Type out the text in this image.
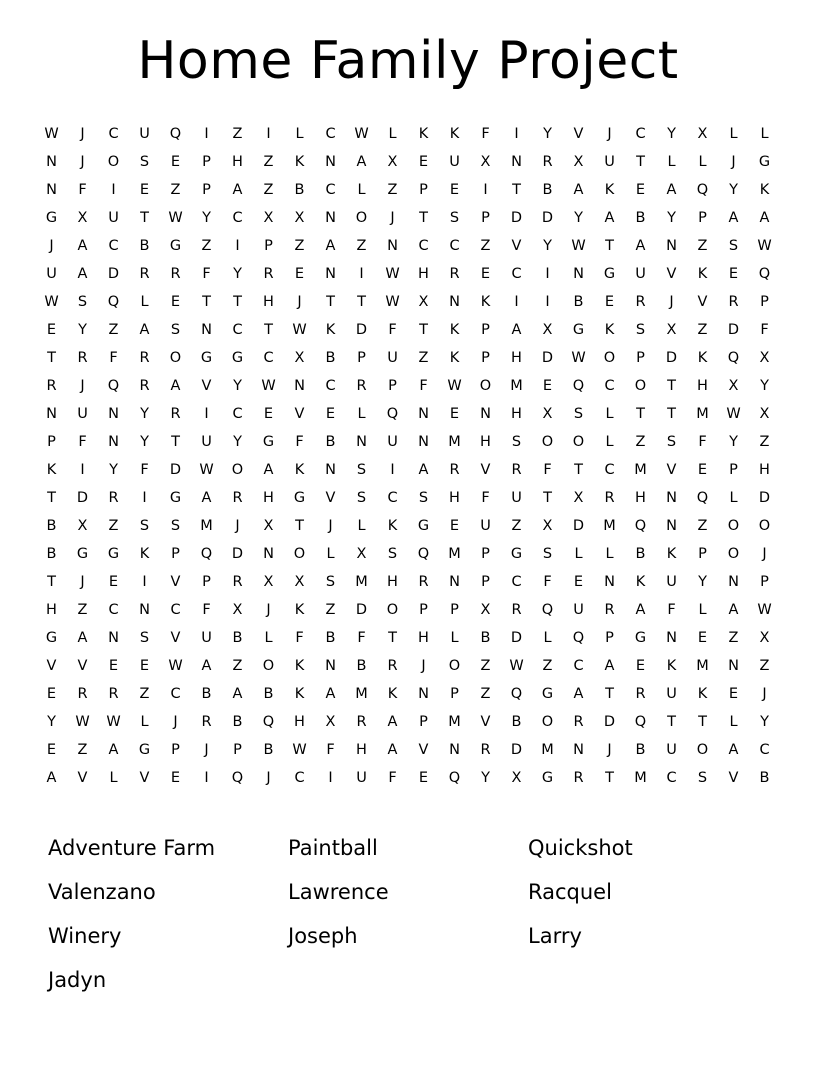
Home Family Project
W	J	C	U	Q	I	Z	I	L	C	W	L	K	K	F	I	Y	V	J	C	Y	X	L	L
N	J	O	S	E	P	H	Z	K	N	A	X	E	U	X	N	R	X	U	T	L	L	J	G
N	F	I	E	Z	P	A	Z	B	C	L	Z	P	E	I	T	B	A	K	E	A	Q	Y	K
G	X	U	T	W	Y	C	X	X	N	O	J	T	S	P	D	D	Y	A	B	Y	P	A	A
J	A	C	B	G	Z	I	P	Z	A	Z	N	C	C	Z	V	Y	W	T	A	N	Z	S	W
U	A	D	R	R	F	Y	R	E	N	I	W	H	R	E	C	I	N	G	U	V	K	E	Q
W	S	Q	L	E	T	T	H	J	T	T	W	X	N	K	I	I	B	E	R	J	V	R	P
E	Y	Z	A	S	N	C	T	W	K	D	F	T	K	P	A	X	G	K	S	X	Z	D	F
T	R	F	R	O	G	G	C	X	B	P	U	Z	K	P	H	D	W	O	P	D	K	Q	X
R	J	Q	R	A	V	Y	W	N	C	R	P	F	W	O	M	E	Q	C	O	T	H	X	Y
N	U	N	Y	R	I	C	E	V	E	L	Q	N	E	N	H	X	S	L	T	T	M	W	X
P	F	N	Y	T	U	Y	G	F	B	N	U	N	M	H	S	O	O	L	Z	S	F	Y	Z
K	I	Y	F	D	W	O	A	K	N	S	I	A	R	V	R	F	T	C	M	V	E	P	H
T	D	R	I	G	A	R	H	G	V	S	C	S	H	F	U	T	X	R	H	N	Q	L	D
B	X	Z	S	S	M	J	X	T	J	L	K	G	E	U	Z	X	D	M	Q	N	Z	O	O
B	G	G	K	P	Q	D	N	O	L	X	S	Q	M	P	G	S	L	L	B	K	P	O	J
T	J	E	I	V	P	R	X	X	S	M	H	R	N	P	C	F	E	N	K	U	Y	N	P
H	Z	C	N	C	F	X	J	K	Z	D	O	P	P	X	R	Q	U	R	A	F	L	A	W
G	A	N	S	V	U	B	L	F	B	F	T	H	L	B	D	L	Q	P	G	N	E	Z	X
V	V	E	E	W	A	Z	O	K	N	B	R	J	O	Z	W	Z	C	A	E	K	M	N	Z
E	R	R	Z	C	B	A	B	K	A	M	K	N	P	Z	Q	G	A	T	R	U	K	E	J
Y	W	W	L	J	R	B	Q	H	X	R	A	P	M	V	B	O	R	D	Q	T	T	L	Y
E	Z	A	G	P	J	P	B	W	F	H	A	V	N	R	D	M	N	J	B	U	O	A	C
A	V	L	V	E	I	Q	J	C	I	U	F	E	Q	Y	X	G	R	T	M	C	S	V	B
Adventure Farm	Paintball	Quickshot
Valenzano	Lawrence	Racquel
Winery	Joseph	Larry
Jadyn
